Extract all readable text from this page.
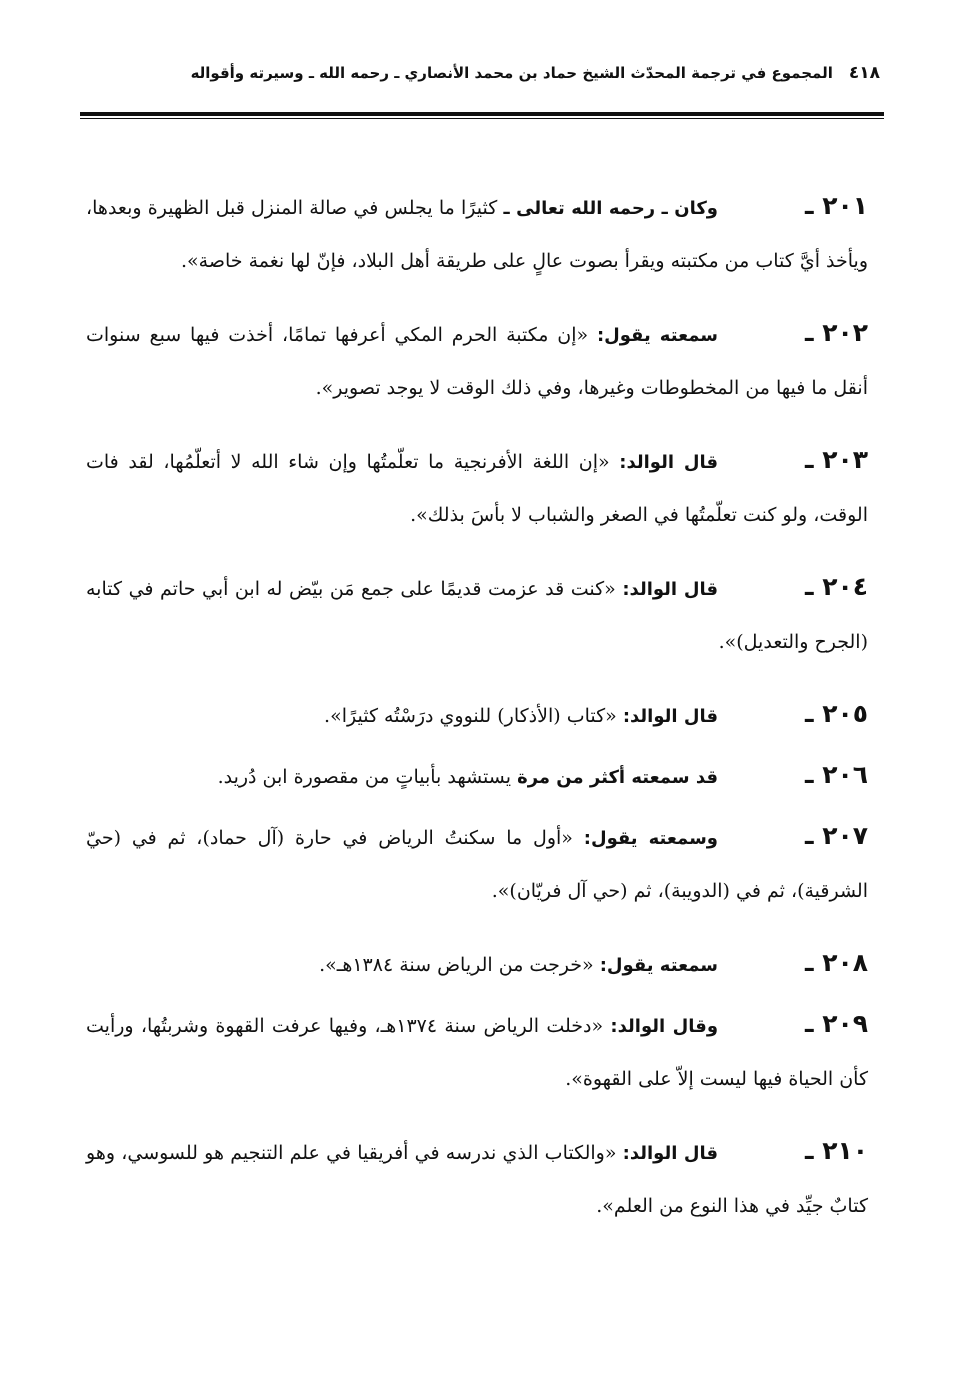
٤١٨
المجموع في ترجمة المحدّث الشيخ حماد بن محمد الأنصاري ـ رحمه الله ـ وسيرته وأقواله

٢٠١ ـوكان ـ رحمه الله تعالى ـ كثيرًا ما يجلس في صالة المنزل قبل الظهيرة وبعدها، ويأخذ أيَّ كتاب من مكتبته ويقرأ بصوت عالٍ على طريقة أهل البلاد، فإنّ لها نغمة خاصة».

٢٠٢ ـسمعته يقول: «إن مكتبة الحرم المكي أعرفها تمامًا، أخذت فيها سبع سنوات أنقل ما فيها من المخطوطات وغيرها، وفي ذلك الوقت لا يوجد تصوير».

٢٠٣ ـقال الوالد: «إن اللغة الأفرنجية ما تعلّمتُها وإن شاء الله لا أتعلّمُها، لقد فات الوقت، ولو كنت تعلّمتُها في الصغر والشباب لا بأسَ بذلك».

٢٠٤ ـقال الوالد: «كنت قد عزمت قديمًا على جمع مَن بيّض له ابن أبي حاتم في كتابه (الجرح والتعديل)».

٢٠٥ ـقال الوالد: «كتاب (الأذكار) للنووي درَسْتُه كثيرًا».

٢٠٦ ـقد سمعته أكثر من مرة يستشهد بأبياتٍ من مقصورة ابن دُريد.

٢٠٧ ـوسمعته يقول: «أول ما سكنتُ الرياض في حارة (آل حماد)، ثم في (حيّ الشرقية)، ثم في (الدويبة)، ثم (حي آل فريّان)».

٢٠٨ ـسمعته يقول: «خرجت من الرياض سنة ١٣٨٤هـ».

٢٠٩ ـوقال الوالد: «دخلت الرياض سنة ١٣٧٤هـ، وفيها عرفت القهوة وشربتُها، ورأيت كأن الحياة فيها ليست إلاّ على القهوة».

٢١٠ ـقال الوالد: «والكتاب الذي ندرسه في أفريقيا في علم التنجيم هو للسوسي، وهو كتابٌ جيِّد في هذا النوع من العلم».
